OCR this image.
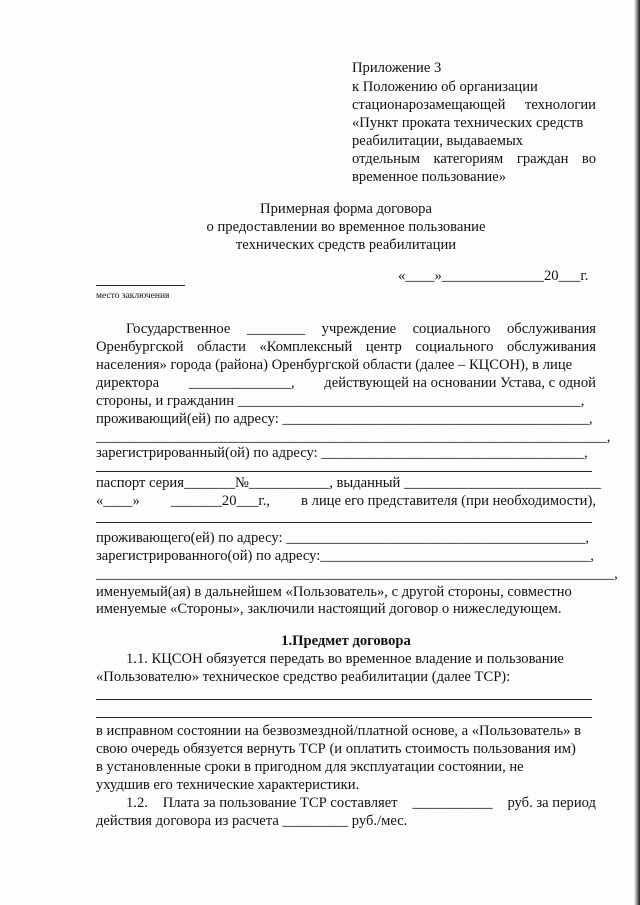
Приложение 3
к Положению об организации
стационарозамещающей технологии
«Пункт проката технических средств
реабилитации, выдаваемых
отдельным категориям граждан во
временное пользование»
Примерная форма договора
о предоставлении во временное пользование
технических средств реабилитации
«____»______________20___г.
место заключения
Государственное ________ учреждение социального обслуживания
Оренбургской области «Комплексный центр социального обслуживания
населения» города (района) Оренбургской области (далее – КЦСОН), в лице
директора ______________, действующей на основании Устава, с одной
стороны, и гражданин _______________________________________________,
проживающий(ей) по адресу: __________________________________________,
______________________________________________________________________,
зарегистрированный(ой) по адресу: ____________________________________,
паспорт серия_______№___________, выданный ___________________________
«____» _______20___г., в лице его представителя (при необходимости),
проживающего(ей) по адресу: _________________________________________,
зарегистрированного(ой) по адресу:_____________________________________,
_______________________________________________________________________,
именуемый(ая) в дальнейшем «Пользователь», с другой стороны, совместно
именуемые «Стороны», заключили настоящий договор о нижеследующем.
1.Предмет договора
1.1. КЦСОН обязуется передать во временное владение и пользование
«Пользователю» техническое средство реабилитации (далее ТСР):
в исправном состоянии на безвозмездной/платной основе, а «Пользователь» в
свою очередь обязуется вернуть ТСР (и оплатить стоимость пользования им)
в установленные сроки в пригодном для эксплуатации состоянии, не
ухудшив его технические характеристики.
1.2. Плата за пользование ТСР составляет ___________ руб. за период
действия договора из расчета _________ руб./мес.
